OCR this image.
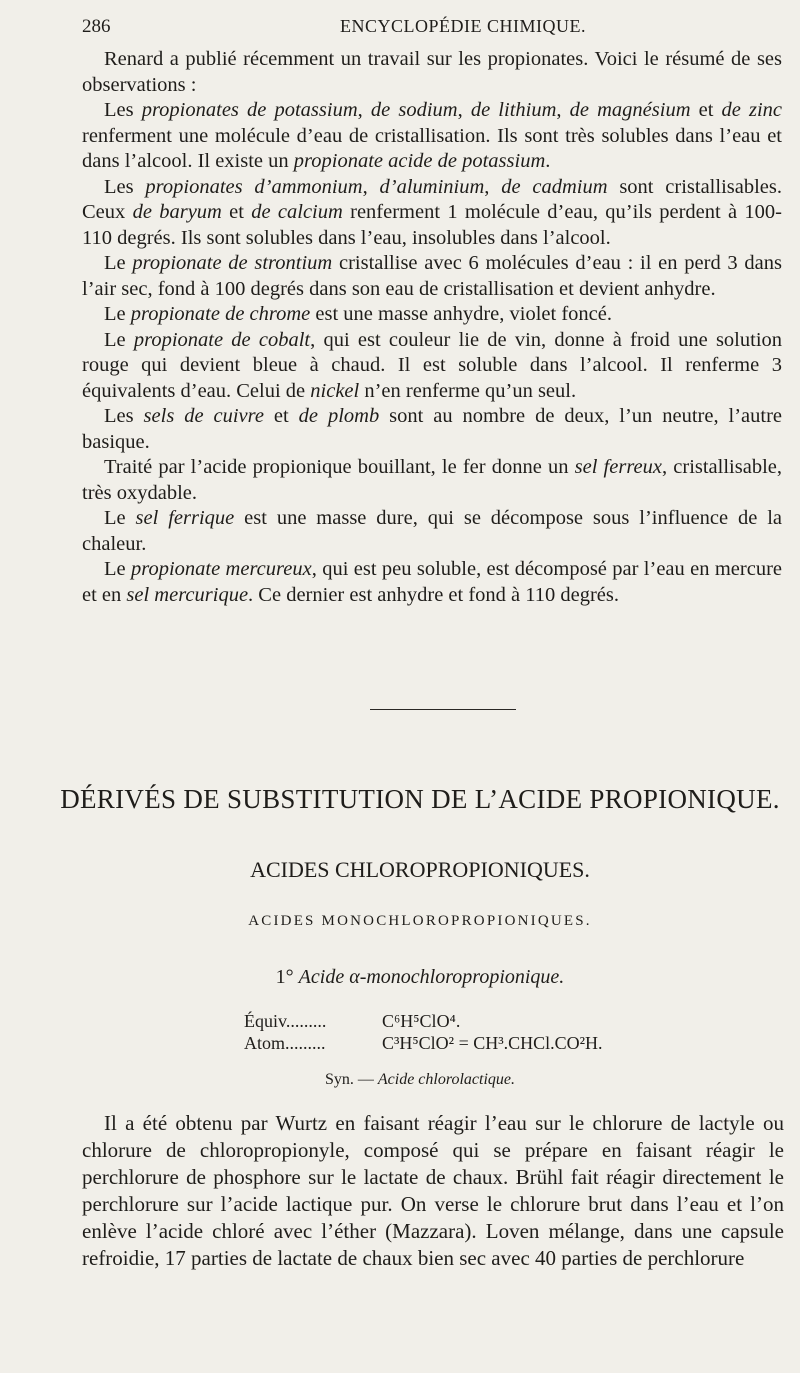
286	ENCYCLOPÉDIE CHIMIQUE.

Renard a publié récemment un travail sur les propionates. Voici le résumé de ses observations :

Les propionates de potassium, de sodium, de lithium, de magnésium et de zinc renferment une molécule d’eau de cristallisation. Ils sont très solubles dans l’eau et dans l’alcool. Il existe un propionate acide de potassium.

Les propionates d’ammonium, d’aluminium, de cadmium sont cristallisables. Ceux de baryum et de calcium renferment 1 molécule d’eau, qu’ils perdent à 100-110 degrés. Ils sont solubles dans l’eau, insolubles dans l’alcool.

Le propionate de strontium cristallise avec 6 molécules d’eau : il en perd 3 dans l’air sec, fond à 100 degrés dans son eau de cristallisation et devient anhydre.

Le propionate de chrome est une masse anhydre, violet foncé.

Le propionate de cobalt, qui est couleur lie de vin, donne à froid une solution rouge qui devient bleue à chaud. Il est soluble dans l’alcool. Il renferme 3 équivalents d’eau. Celui de nickel n’en renferme qu’un seul.

Les sels de cuivre et de plomb sont au nombre de deux, l’un neutre, l’autre basique.

Traité par l’acide propionique bouillant, le fer donne un sel ferreux, cristallisable, très oxydable.

Le sel ferrique est une masse dure, qui se décompose sous l’influence de la chaleur.

Le propionate mercureux, qui est peu soluble, est décomposé par l’eau en mercure et en sel mercurique. Ce dernier est anhydre et fond à 110 degrés.

DÉRIVÉS DE SUBSTITUTION DE L’ACIDE PROPIONIQUE.
ACIDES CHLOROPROPIONIQUES.
ACIDES MONOCHLOROPROPIONIQUES.
1° Acide α-monochloropropionique.
Équiv.........	C⁶H⁵ClO⁴.
Atom.........	C³H⁵ClO² = CH³.CHCl.CO²H.
Syn. — Acide chlorolactique.

Il a été obtenu par Wurtz en faisant réagir l’eau sur le chlorure de lactyle ou chlorure de chloropropionyle, composé qui se prépare en faisant réagir le perchlorure de phosphore sur le lactate de chaux. Brühl fait réagir directement le perchlorure sur l’acide lactique pur. On verse le chlorure brut dans l’eau et l’on enlève l’acide chloré avec l’éther (Mazzara). Loven mélange, dans une capsule refroidie, 17 parties de lactate de chaux bien sec avec 40 parties de perchlorure
